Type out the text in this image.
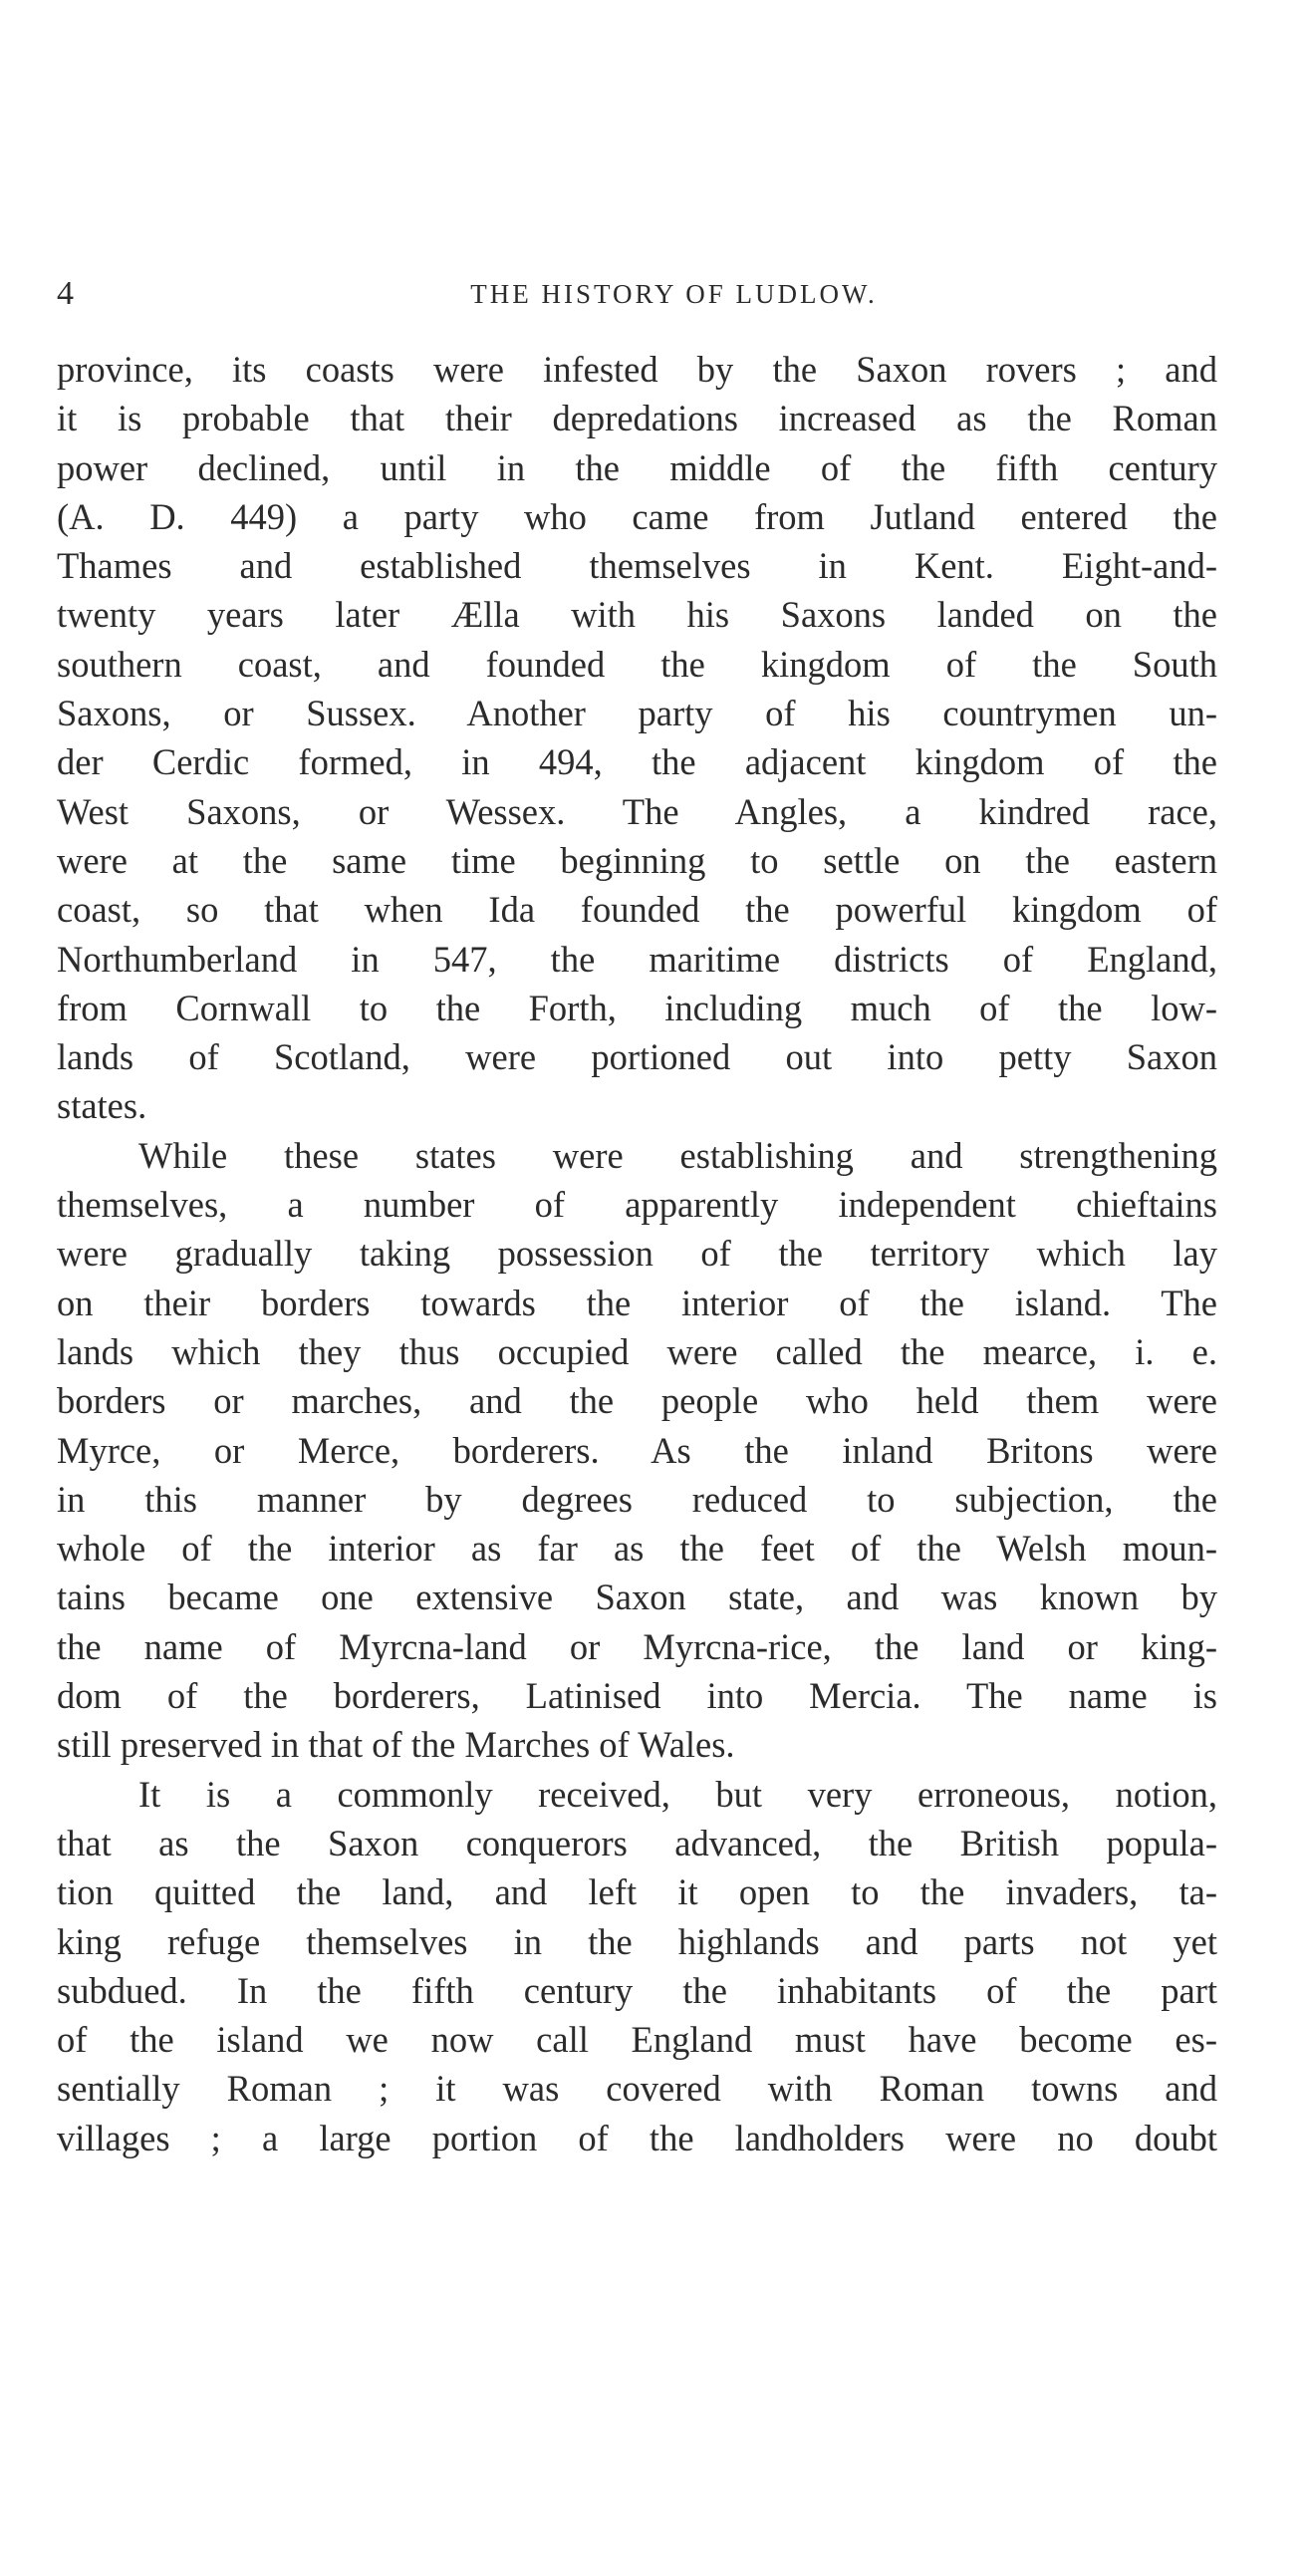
4	THE HISTORY OF LUDLOW.
province, its coasts were infested by the Saxon rovers ; and
it is probable that their depredations increased as the Roman
power declined, until in the middle of the fifth century
(A. D. 449) a party who came from Jutland entered the
Thames and established themselves in Kent. Eight-and-
twenty years later Ælla with his Saxons landed on the
southern coast, and founded the kingdom of the South
Saxons, or Sussex. Another party of his countrymen un-
der Cerdic formed, in 494, the adjacent kingdom of the
West Saxons, or Wessex. The Angles, a kindred race,
were at the same time beginning to settle on the eastern
coast, so that when Ida founded the powerful kingdom of
Northumberland in 547, the maritime districts of England,
from Cornwall to the Forth, including much of the low-
lands of Scotland, were portioned out into petty Saxon
states.
While these states were establishing and strengthening
themselves, a number of apparently independent chieftains
were gradually taking possession of the territory which lay
on their borders towards the interior of the island. The
lands which they thus occupied were called the mearce, i. e.
borders or marches, and the people who held them were
Myrce, or Merce, borderers. As the inland Britons were
in this manner by degrees reduced to subjection, the
whole of the interior as far as the feet of the Welsh moun-
tains became one extensive Saxon state, and was known by
the name of Myrcna-land or Myrcna-rice, the land or king-
dom of the borderers, Latinised into Mercia. The name is
still preserved in that of the Marches of Wales.
It is a commonly received, but very erroneous, notion,
that as the Saxon conquerors advanced, the British popula-
tion quitted the land, and left it open to the invaders, ta-
king refuge themselves in the highlands and parts not yet
subdued. In the fifth century the inhabitants of the part
of the island we now call England must have become es-
sentially Roman ; it was covered with Roman towns and
villages ; a large portion of the landholders were no doubt
